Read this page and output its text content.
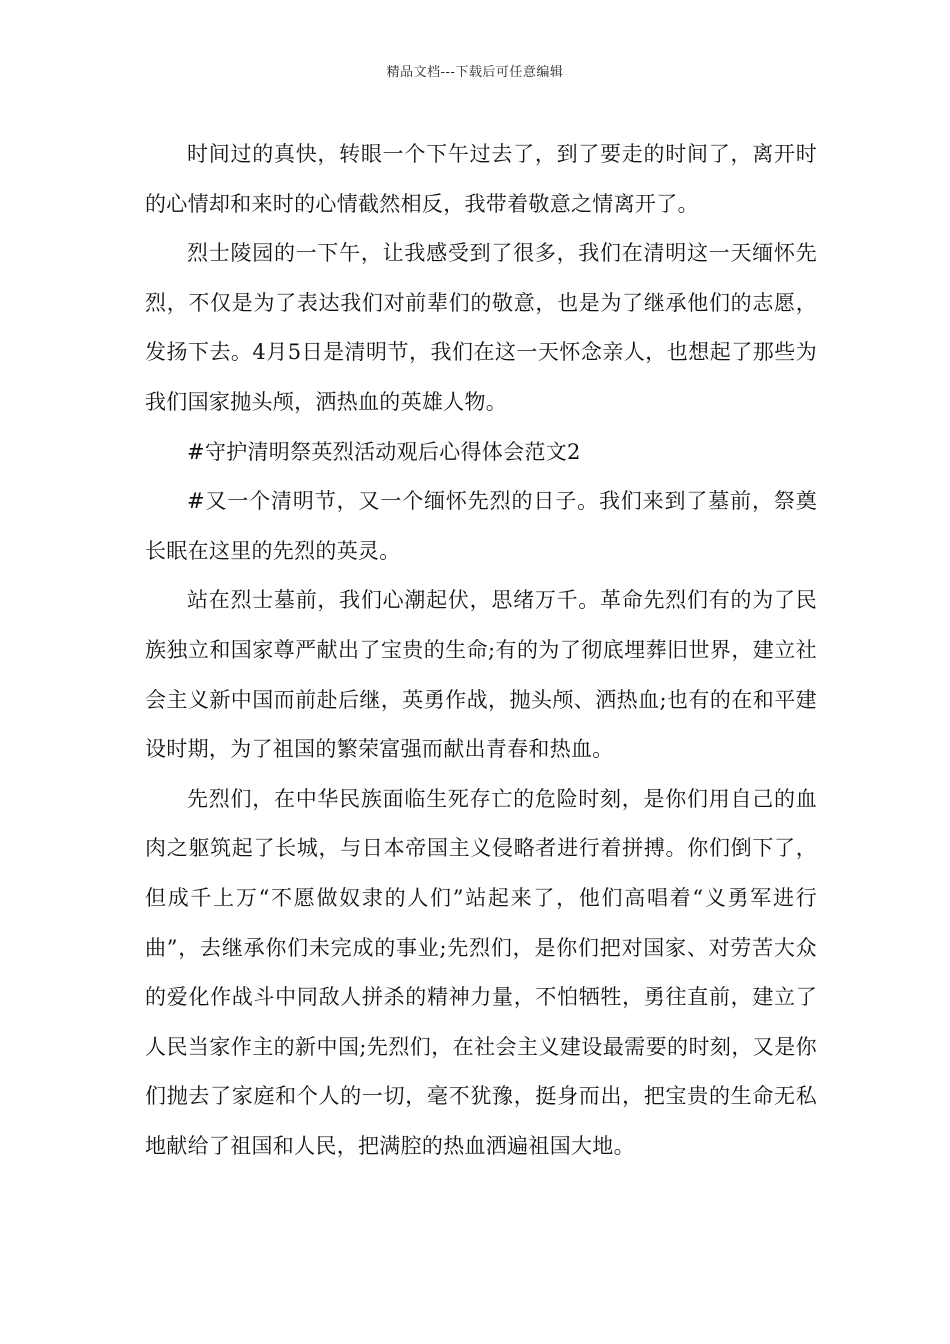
精品文档---下载后可任意编辑

时间过的真快，转眼一个下午过去了，到了要走的时间了，离开时的心情却和来时的心情截然相反，我带着敬意之情离开了。

烈士陵园的一下午，让我感受到了很多，我们在清明这一天缅怀先烈，不仅是为了表达我们对前辈们的敬意，也是为了继承他们的志愿，发扬下去。4月5日是清明节，我们在这一天怀念亲人，也想起了那些为我们国家抛头颅，洒热血的英雄人物。

#守护清明祭英烈活动观后心得体会范文2

#又一个清明节，又一个缅怀先烈的日子。我们来到了墓前，祭奠长眠在这里的先烈的英灵。

站在烈士墓前，我们心潮起伏，思绪万千。革命先烈们有的为了民族独立和国家尊严献出了宝贵的生命;有的为了彻底埋葬旧世界，建立社会主义新中国而前赴后继，英勇作战，抛头颅、洒热血;也有的在和平建设时期，为了祖国的繁荣富强而献出青春和热血。

先烈们，在中华民族面临生死存亡的危险时刻，是你们用自己的血肉之躯筑起了长城，与日本帝国主义侵略者进行着拼搏。你们倒下了，但成千上万“不愿做奴隶的人们”站起来了，他们高唱着“义勇军进行曲”，去继承你们未完成的事业;先烈们，是你们把对国家、对劳苦大众的爱化作战斗中同敌人拼杀的精神力量，不怕牺牲，勇往直前，建立了人民当家作主的新中国;先烈们，在社会主义建设最需要的时刻，又是你们抛去了家庭和个人的一切，毫不犹豫，挺身而出，把宝贵的生命无私地献给了祖国和人民，把满腔的热血洒遍祖国大地。
